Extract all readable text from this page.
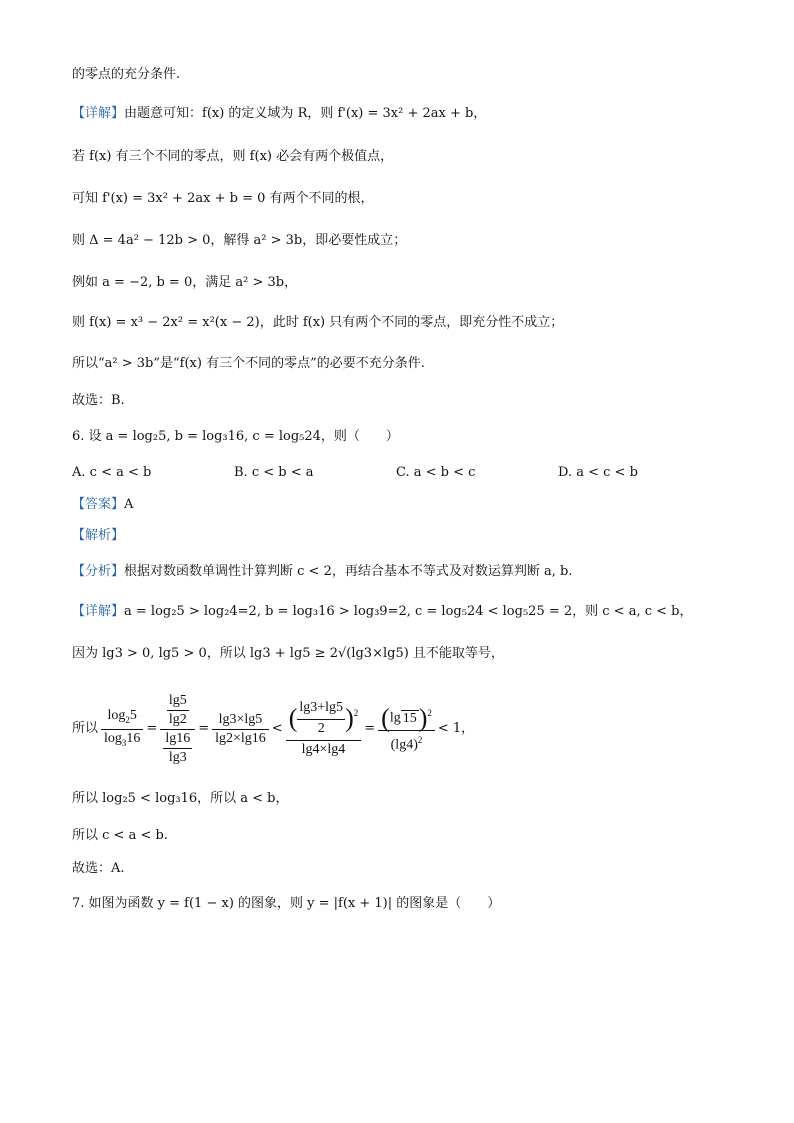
的零点的充分条件.
【详解】由题意可知：f(x) 的定义域为 R，则 f'(x) = 3x² + 2ax + b，
若 f(x) 有三个不同的零点，则 f(x) 必会有两个极值点，
可知 f'(x) = 3x² + 2ax + b = 0 有两个不同的根，
则 Δ = 4a² − 12b > 0，解得 a² > 3b，即必要性成立；
例如 a = −2, b = 0，满足 a² > 3b，
则 f(x) = x³ − 2x² = x²(x − 2)，此时 f(x) 只有两个不同的零点，即充分性不成立；
所以“a² > 3b”是“f(x) 有三个不同的零点”的必要不充分条件.
故选：B.
6. 设 a = log₂5, b = log₃16, c = log₅24，则（　　）
A. c < a < b	B. c < b < a	C. a < b < c	D. a < c < b
【答案】A
【解析】
【分析】根据对数函数单调性计算判断 c < 2，再结合基本不等式及对数运算判断 a, b.
【详解】a = log₂5 > log₂4=2, b = log₃16 > log₃9=2, c = log₅24 < log₅25 = 2，则 c < a, c < b，
因为 lg3 > 0, lg5 > 0，所以 lg3 + lg5 ≥ 2√(lg3×lg5) 且不能取等号，
所以 $\frac{\log_25}{\log_316} = \frac{\frac{\lg 5}{\lg 2}}{\frac{\lg 16}{\lg 3}} = \frac{\lg 3\times\lg 5}{\lg 2\times\lg 16} < \frac{( \frac{\lg 3+\lg 5}{2} )^2}{\lg 4\times\lg 4} = \frac{(\lg 15)^2}{(\lg 4)^2} < 1$，
所以 log₂5 < log₃16，所以 a < b，
所以 c < a < b.
故选：A.
7. 如图为函数 y = f(1 − x) 的图象，则 y = |f(x + 1)| 的图象是（　　）
